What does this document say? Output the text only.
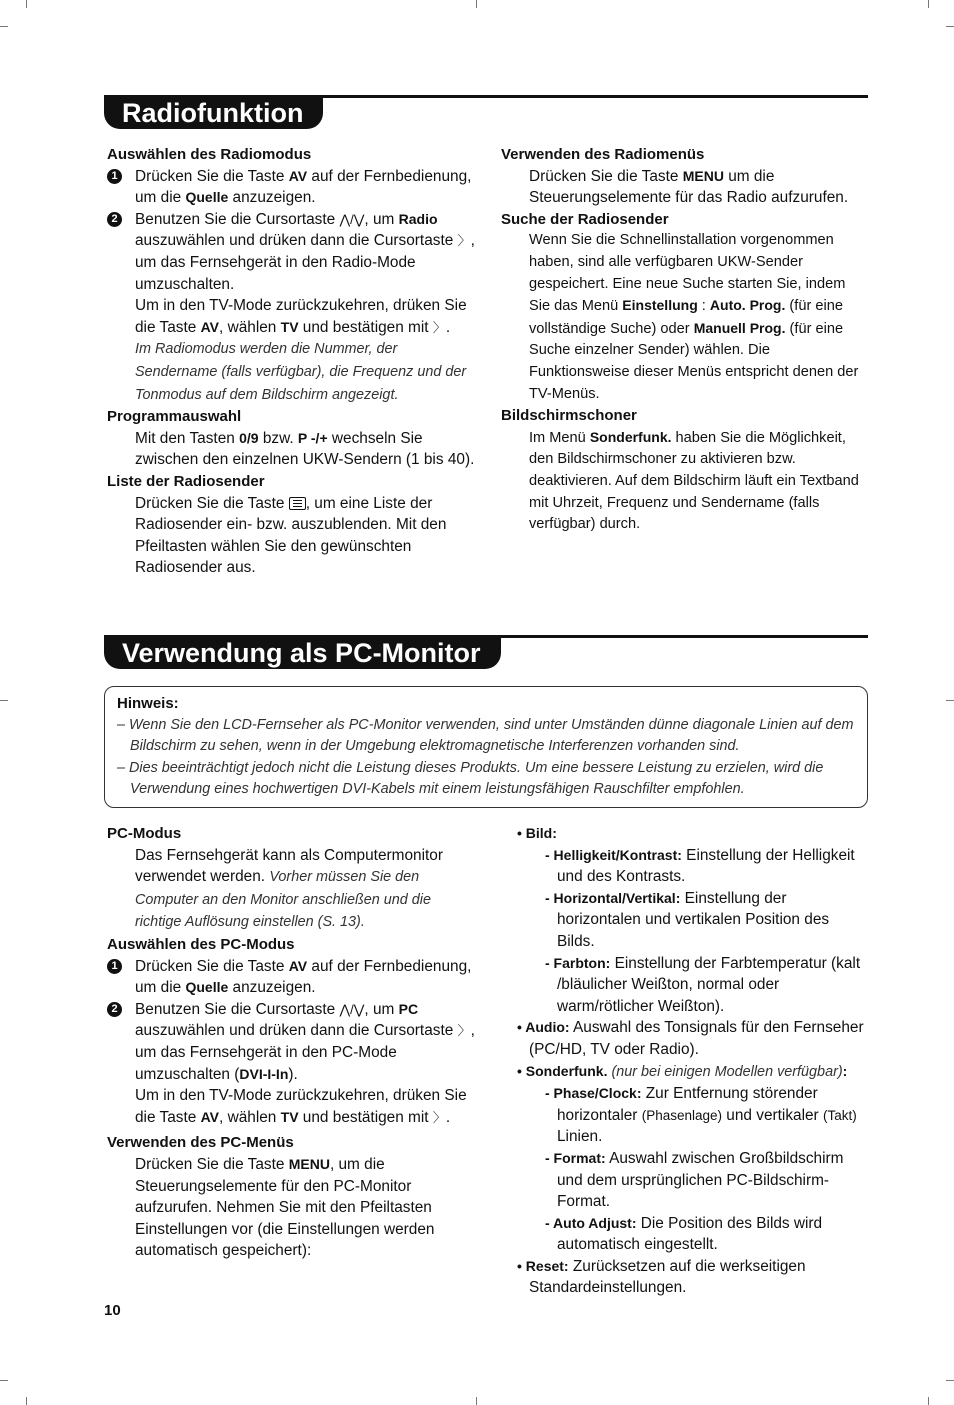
Radiofunktion
Auswählen des Radiomodus
1 Drücken Sie die Taste AV auf der Fernbedienung, um die Quelle anzuzeigen.
2 Benutzen Sie die Cursortaste ⋀/⋁, um Radio auszuwählen und drüken dann die Cursortaste 〉, um das Fernsehgerät in den Radio-Mode umzuschalten.
Um in den TV-Mode zurückzukehren, drüken Sie die Taste AV, wählen TV und bestätigen mit 〉.
Im Radiomodus werden die Nummer, der Sendername (falls verfügbar), die Frequenz und der Tonmodus auf dem Bildschirm angezeigt.
Programmauswahl
Mit den Tasten 0/9 bzw. P -/+ wechseln Sie zwischen den einzelnen UKW-Sendern (1 bis 40).
Liste der Radiosender
Drücken Sie die Taste , um eine Liste der Radiosender ein- bzw. auszublenden. Mit den Pfeiltasten wählen Sie den gewünschten Radiosender aus.
Verwenden des Radiomenüs
Drücken Sie die Taste MENU um die Steuerungselemente für das Radio aufzurufen.
Suche der Radiosender
Wenn Sie die Schnellinstallation vorgenommen haben, sind alle verfügbaren UKW-Sender gespeichert. Eine neue Suche starten Sie, indem Sie das Menü Einstellung : Auto. Prog. (für eine vollständige Suche) oder Manuell Prog. (für eine Suche einzelner Sender) wählen. Die Funktionsweise dieser Menüs entspricht denen der TV-Menüs.
Bildschirmschoner
Im Menü Sonderfunk. haben Sie die Möglichkeit, den Bildschirmschoner zu aktivieren bzw. deaktivieren. Auf dem Bildschirm läuft ein Textband mit Uhrzeit, Frequenz und Sendername (falls verfügbar) durch.
Verwendung als PC-Monitor
Hinweis:
– Wenn Sie den LCD-Fernseher als PC-Monitor verwenden, sind unter Umständen dünne diagonale Linien auf dem Bildschirm zu sehen, wenn in der Umgebung elektromagnetische Interferenzen vorhanden sind.
– Dies beeinträchtigt jedoch nicht die Leistung dieses Produkts. Um eine bessere Leistung zu erzielen, wird die Verwendung eines hochwertigen DVI-Kabels mit einem leistungsfähigen Rauschfilter empfohlen.
PC-Modus
Das Fernsehgerät kann als Computermonitor verwendet werden. Vorher müssen Sie den Computer an den Monitor anschließen und die richtige Auflösung einstellen (S. 13).
Auswählen des PC-Modus
1 Drücken Sie die Taste AV auf der Fernbedienung, um die Quelle anzuzeigen.
2 Benutzen Sie die Cursortaste ⋀/⋁, um PC auszuwählen und drüken dann die Cursortaste 〉, um das Fernsehgerät in den PC-Mode umzuschalten (DVI-I-In).
Um in den TV-Mode zurückzukehren, drüken Sie die Taste AV, wählen TV und bestätigen mit 〉.
Verwenden des PC-Menüs
Drücken Sie die Taste MENU, um die Steuerungselemente für den PC-Monitor aufzurufen. Nehmen Sie mit den Pfeiltasten Einstellungen vor (die Einstellungen werden automatisch gespeichert):
• Bild:
- Helligkeit/Kontrast: Einstellung der Helligkeit und des Kontrasts.
- Horizontal/Vertikal: Einstellung der horizontalen und vertikalen Position des Bilds.
- Farbton: Einstellung der Farbtemperatur (kalt /bläulicher Weißton, normal oder warm/rötlicher Weißton).
• Audio: Auswahl des Tonsignals für den Fernseher (PC/HD, TV oder Radio).
• Sonderfunk. (nur bei einigen Modellen verfügbar):
- Phase/Clock: Zur Entfernung störender horizontaler (Phasenlage) und vertikaler (Takt) Linien.
- Format: Auswahl zwischen Großbildschirm und dem ursprünglichen PC-Bildschirm-Format.
- Auto Adjust: Die Position des Bilds wird automatisch eingestellt.
• Reset: Zurücksetzen auf die werkseitigen Standardeinstellungen.
10
